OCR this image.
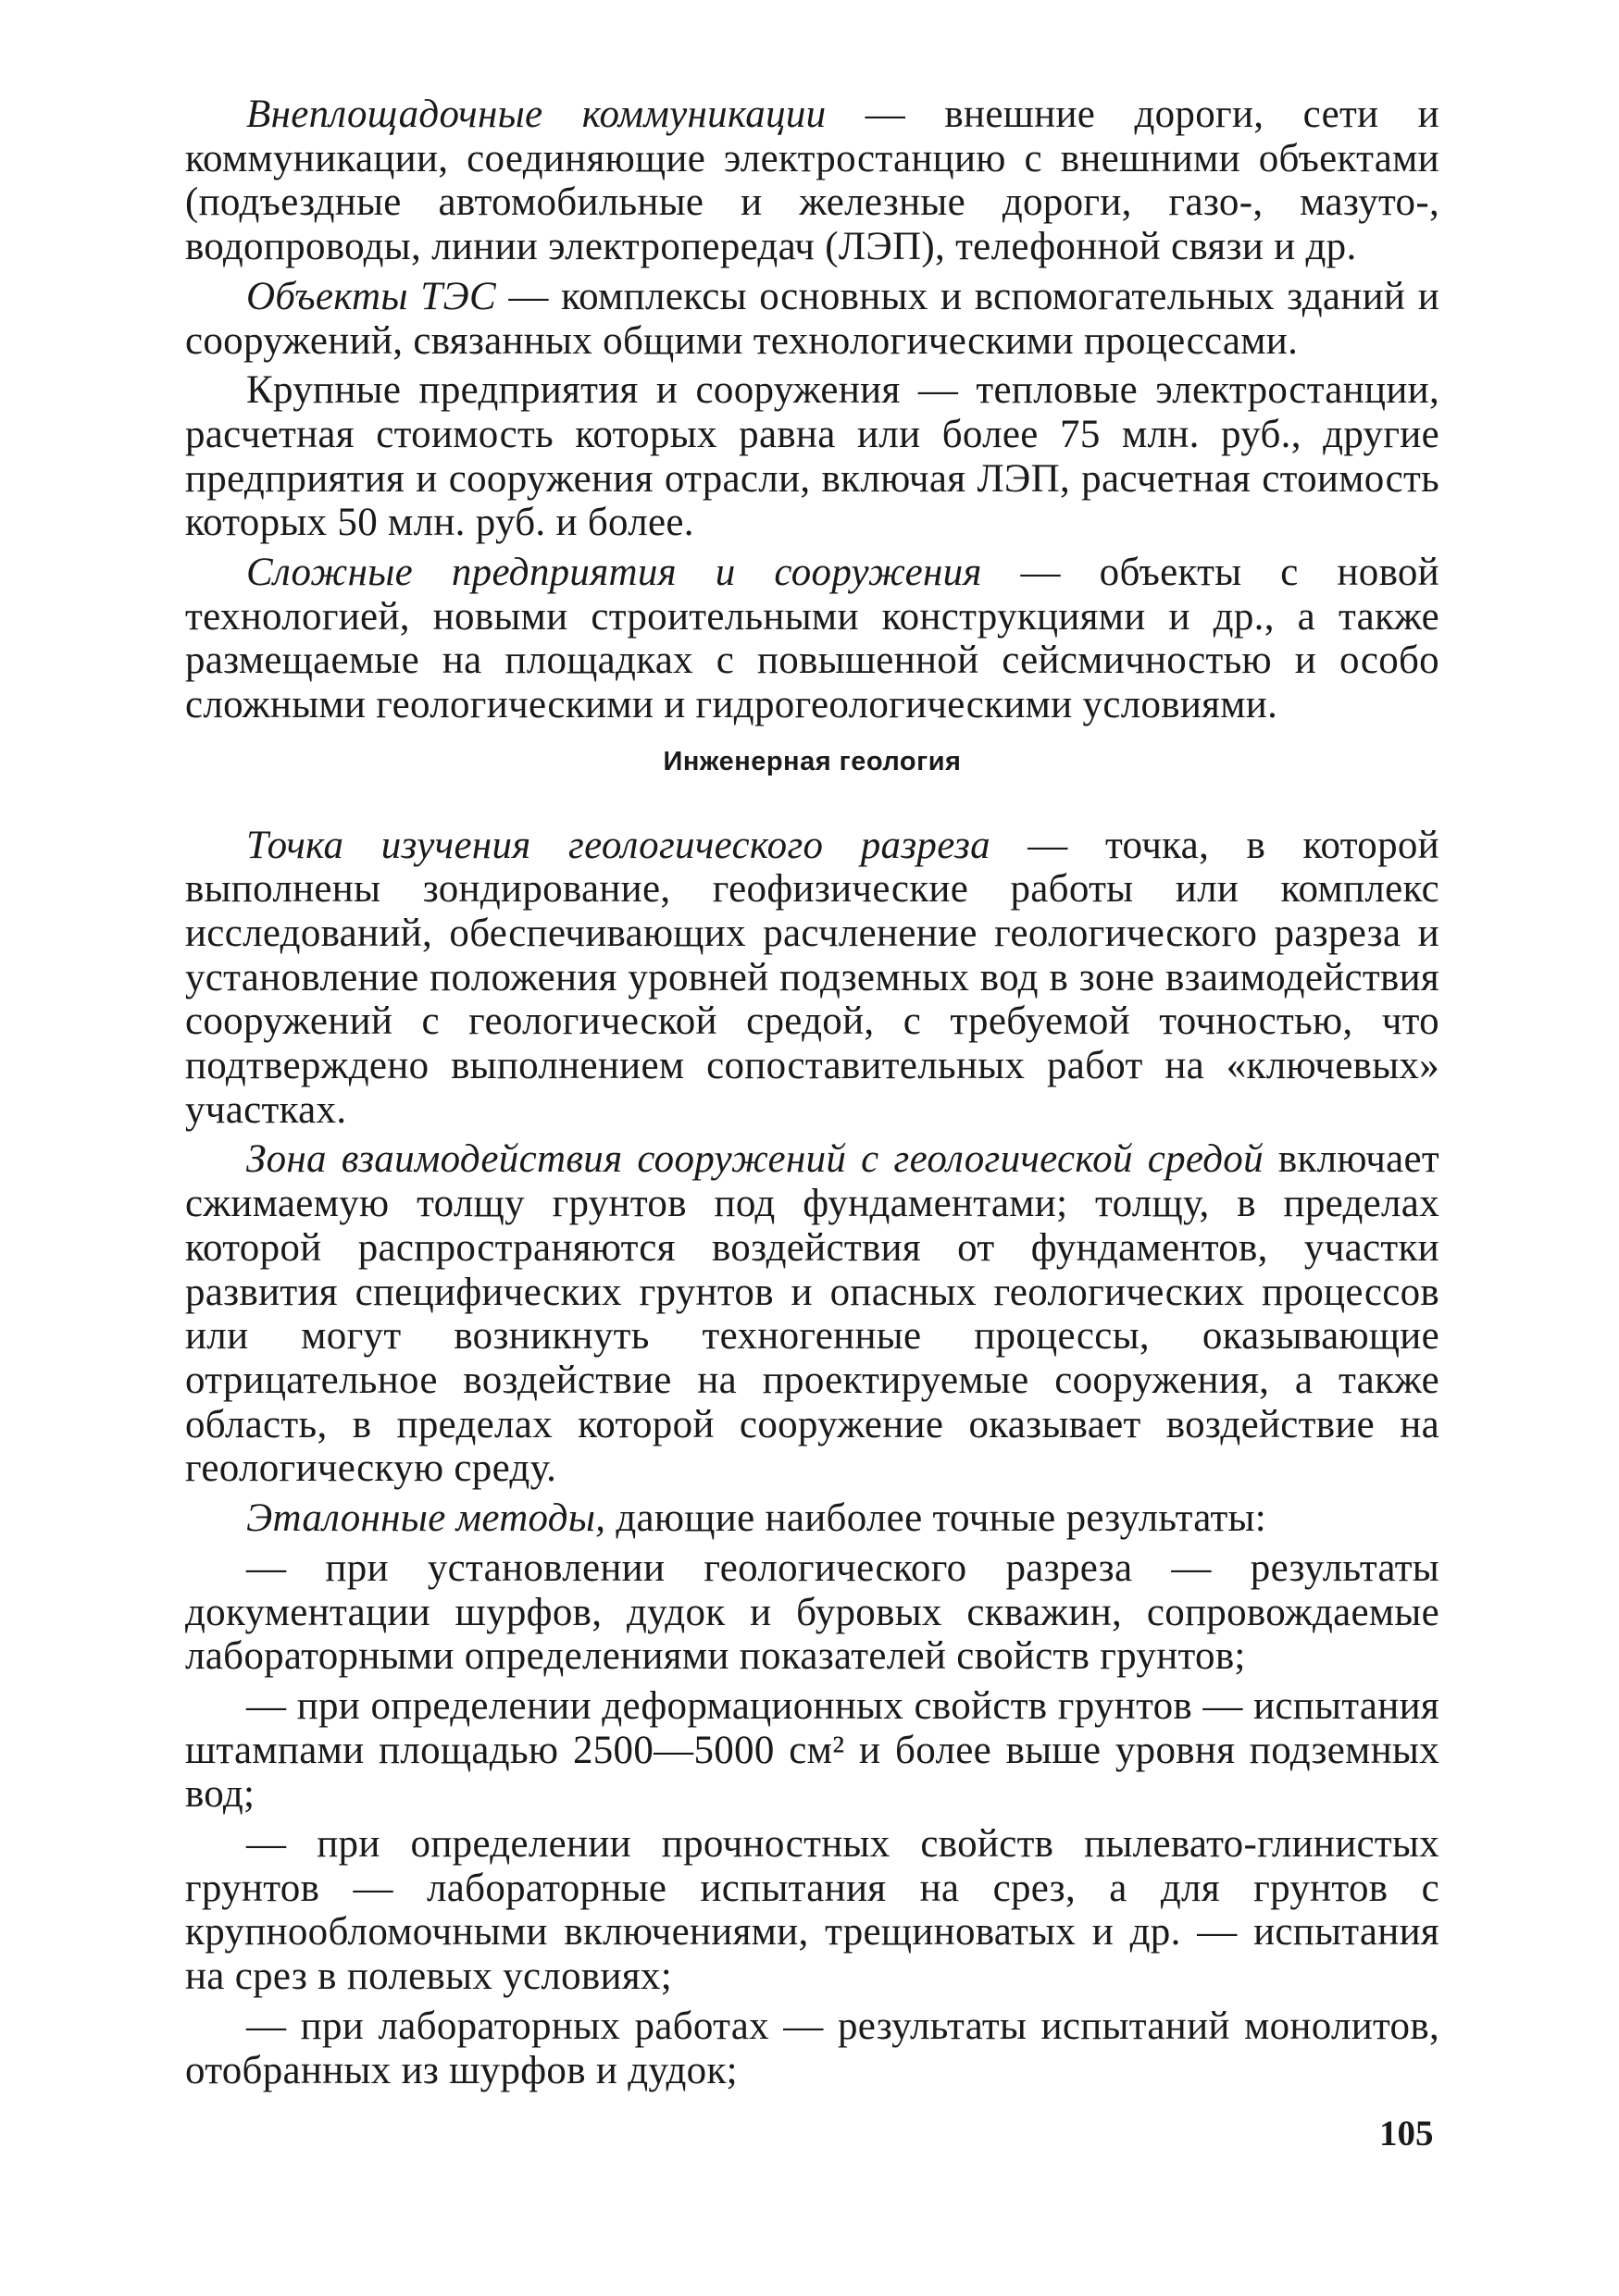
Внеплощадочные коммуникации — внешние дороги, сети и коммуникации, соединяющие электростанцию с внешними объектами (подъездные автомобильные и железные дороги, газо-, мазуто-, водопроводы, линии электропередач (ЛЭП), телефонной связи и др.

Объекты ТЭС — комплексы основных и вспомогательных зданий и сооружений, связанных общими технологическими процессами.

Крупные предприятия и сооружения — тепловые электростанции, расчетная стоимость которых равна или более 75 млн. руб., другие предприятия и сооружения отрасли, включая ЛЭП, расчетная стоимость которых 50 млн. руб. и более.

Сложные предприятия и сооружения — объекты с новой технологией, новыми строительными конструкциями и др., а также размещаемые на площадках с повышенной сейсмичностью и особо сложными геологическими и гидрогеологическими условиями.

Инженерная геология

Точка изучения геологического разреза — точка, в которой выполнены зондирование, геофизические работы или комплекс исследований, обеспечивающих расчленение геологического разреза и установление положения уровней подземных вод в зоне взаимодействия сооружений с геологической средой, с требуемой точностью, что подтверждено выполнением сопоставительных работ на «ключевых» участках.

Зона взаимодействия сооружений с геологической средой включает сжимаемую толщу грунтов под фундаментами; толщу, в пределах которой распространяются воздействия от фундаментов, участки развития специфических грунтов и опасных геологических процессов или могут возникнуть техногенные процессы, оказывающие отрицательное воздействие на проектируемые сооружения, а также область, в пределах которой сооружение оказывает воздействие на геологическую среду.

Эталонные методы, дающие наиболее точные результаты:

— при установлении геологического разреза — результаты документации шурфов, дудок и буровых скважин, сопровождаемые лабораторными определениями показателей свойств грунтов;

— при определении деформационных свойств грунтов — испытания штампами площадью 2500—5000 см² и более выше уровня подземных вод;

— при определении прочностных свойств пылевато-глинистых грунтов — лабораторные испытания на срез, а для грунтов с крупнообломочными включениями, трещиноватых и др. — испытания на срез в полевых условиях;

— при лабораторных работах — результаты испытаний монолитов, отобранных из шурфов и дудок;

105
